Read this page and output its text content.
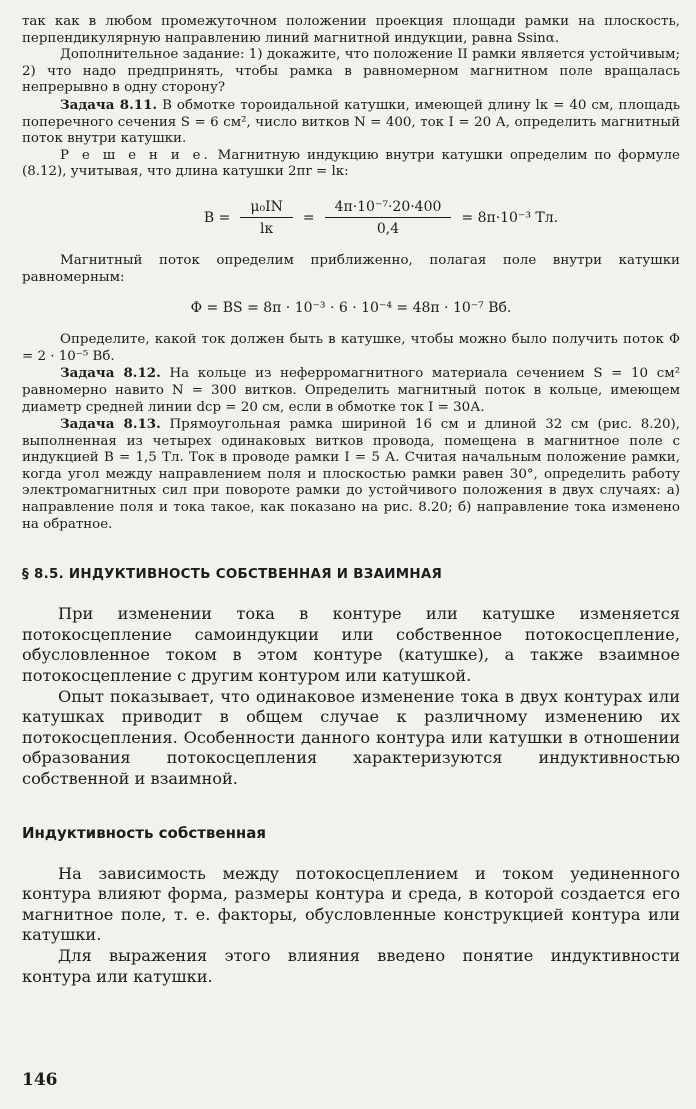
так как в любом промежуточном положении проекция площади рамки на плоскость, перпендикулярную направлению линий магнитной индукции, равна Ssinα.

Дополнительное задание: 1) докажите, что положение II рамки является устойчивым; 2) что надо предпринять, чтобы рамка в равномерном магнитном поле вращалась непрерывно в одну сторону?

Задача 8.11. В обмотке тороидальной катушки, имеющей длину lк = 40 см, площадь поперечного сечения S = 6 см², число витков N = 400, ток I = 20 А, определить магнитный поток внутри катушки.

Р е ш е н и е. Магнитную индукцию внутри катушки определим по формуле (8.12), учитывая, что длина катушки 2πr = lк:

$B = \frac{\text{μ₀IN}}{lк} = \frac{\text{4π·10⁻⁷·20·400}}{0,4} = 8\pi\cdot 10^{-3}$ Тл.

Магнитный поток определим приближенно, полагая поле внутри катушки равномерным:

Φ = BS = 8π · 10⁻³ · 6 · 10⁻⁴ = 48π · 10⁻⁷ Вб.

Определите, какой ток должен быть в катушке, чтобы можно было получить поток Φ = 2 · 10⁻⁵ Вб.

Задача 8.12. На кольце из неферромагнитного материала сечением S = 10 см² равномерно навито N = 300 витков. Определить магнитный поток в кольце, имеющем диаметр средней линии dср = 20 см, если в обмотке ток I = 30А.

Задача 8.13. Прямоугольная рамка шириной 16 см и длиной 32 см (рис. 8.20), выполненная из четырех одинаковых витков провода, помещена в магнитное поле с индукцией B = 1,5 Тл. Ток в проводе рамки I = 5 А. Считая начальным положение рамки, когда угол между направлением поля и плоскостью рамки равен 30°, определить работу электромагнитных сил при повороте рамки до устойчивого положения в двух случаях: а) направление поля и тока такое, как показано на рис. 8.20; б) направление тока изменено на обратное.

§ 8.5. ИНДУКТИВНОСТЬ СОБСТВЕННАЯ И ВЗАИМНАЯ

При изменении тока в контуре или катушке изменяется потокосцепление самоиндукции или собственное потокосцепление, обусловленное током в этом контуре (катушке), а также взаимное потокосцепление с другим контуром или катушкой.

Опыт показывает, что одинаковое изменение тока в двух контурах или катушках приводит в общем случае к различному изменению их потокосцепления. Особенности данного контура или катушки в отношении образования потокосцепления характеризуются индуктивностью собственной и взаимной.

Индуктивность собственная

На зависимость между потокосцеплением и током уединенного контура влияют форма, размеры контура и среда, в которой создается его магнитное поле, т. е. факторы, обусловленные конструкцией контура или катушки.

Для выражения этого влияния введено понятие индуктивности контура или катушки.

146
